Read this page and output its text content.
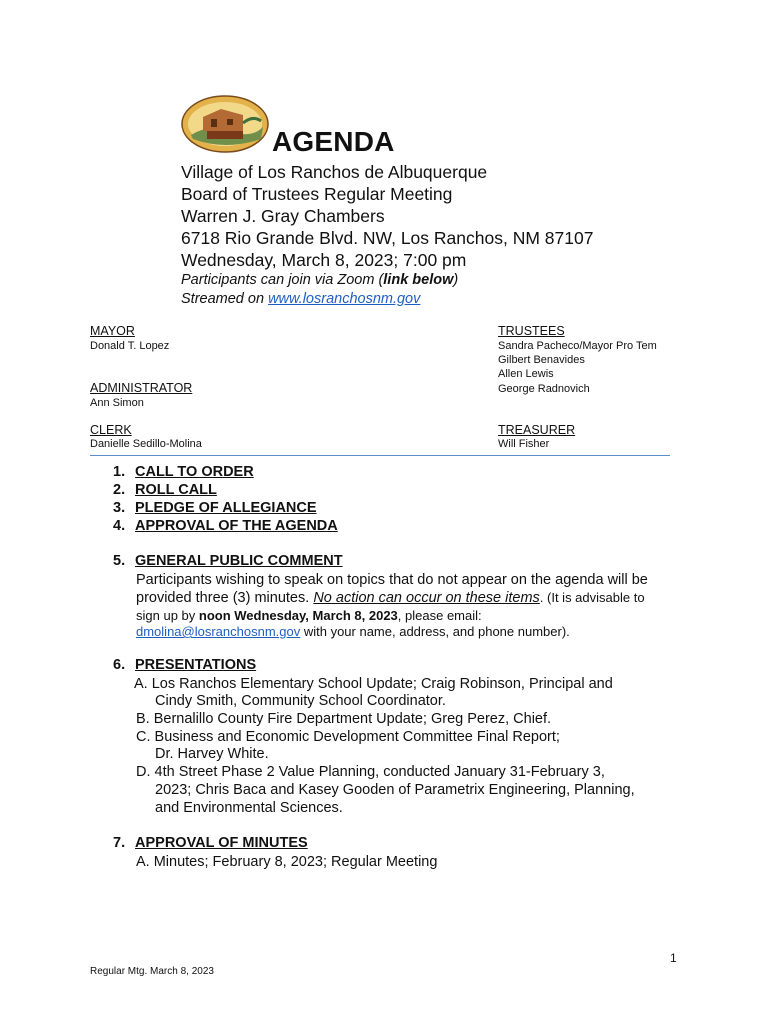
AGENDA
Village of Los Ranchos de Albuquerque
Board of Trustees Regular Meeting
Warren J. Gray Chambers
6718 Rio Grande Blvd. NW, Los Ranchos, NM 87107
Wednesday, March 8, 2023; 7:00 pm
Participants can join via Zoom (link below)
Streamed on www.losranchosnm.gov
MAYOR
Donald T. Lopez
ADMINISTRATOR
Ann Simon
CLERK
Danielle Sedillo-Molina
TRUSTEES
Sandra Pacheco/Mayor Pro Tem
Gilbert Benavides
Allen Lewis
George Radnovich
TREASURER
Will Fisher
1. CALL TO ORDER
2. ROLL CALL
3. PLEDGE OF ALLEGIANCE
4. APPROVAL OF THE AGENDA
5. GENERAL PUBLIC COMMENT
Participants wishing to speak on topics that do not appear on the agenda will be
provided three (3) minutes. No action can occur on these items. (It is advisable to
sign up by noon Wednesday, March 8, 2023, please email:
dmolina@losranchosnm.gov with your name, address, and phone number).
6. PRESENTATIONS
A. Los Ranchos Elementary School Update; Craig Robinson, Principal and
Cindy Smith, Community School Coordinator.
B. Bernalillo County Fire Department Update; Greg Perez, Chief.
C. Business and Economic Development Committee Final Report;
Dr. Harvey White.
D. 4th Street Phase 2 Value Planning, conducted January 31-February 3,
2023; Chris Baca and Kasey Gooden of Parametrix Engineering, Planning,
and Environmental Sciences.
7. APPROVAL OF MINUTES
A. Minutes; February 8, 2023; Regular Meeting
1
Regular Mtg. March 8, 2023
